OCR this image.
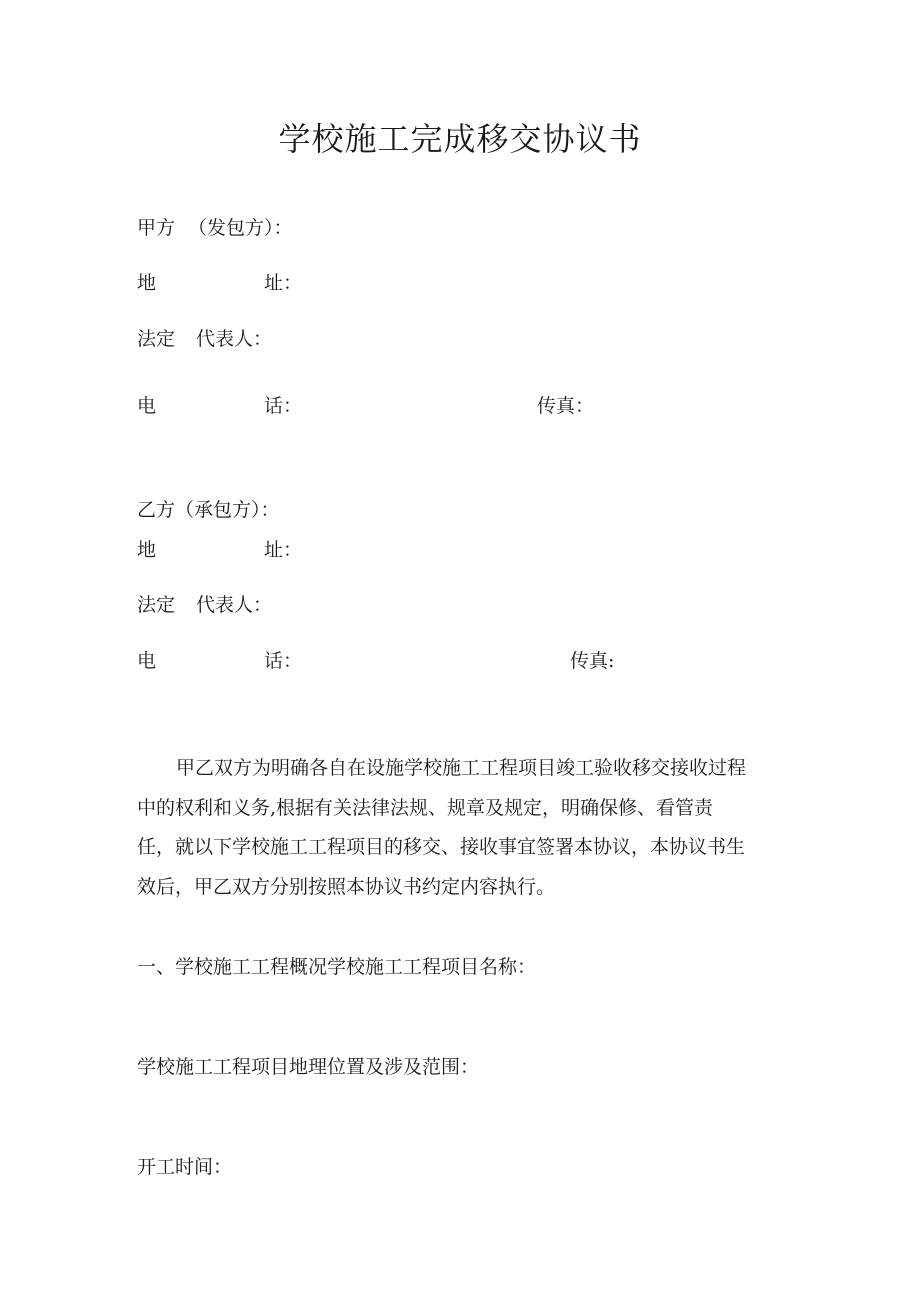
学校施工完成移交协议书
甲方 （发包方）：
地	址：
法定 代表人：
电	话：	传真：
乙方（承包方）：
地	址：
法定 代表人：
电	话：	传真:
甲乙双方为明确各自在设施学校施工工程项目竣工验收移交接收过程
中的权利和义务,根据有关法律法规、规章及规定，明确保修、看管责
任，就以下学校施工工程项目的移交、接收事宜签署本协议，本协议书生
效后，甲乙双方分别按照本协议书约定内容执行。
一、学校施工工程概况学校施工工程项目名称：
学校施工工程项目地理位置及涉及范围：
开工时间：
